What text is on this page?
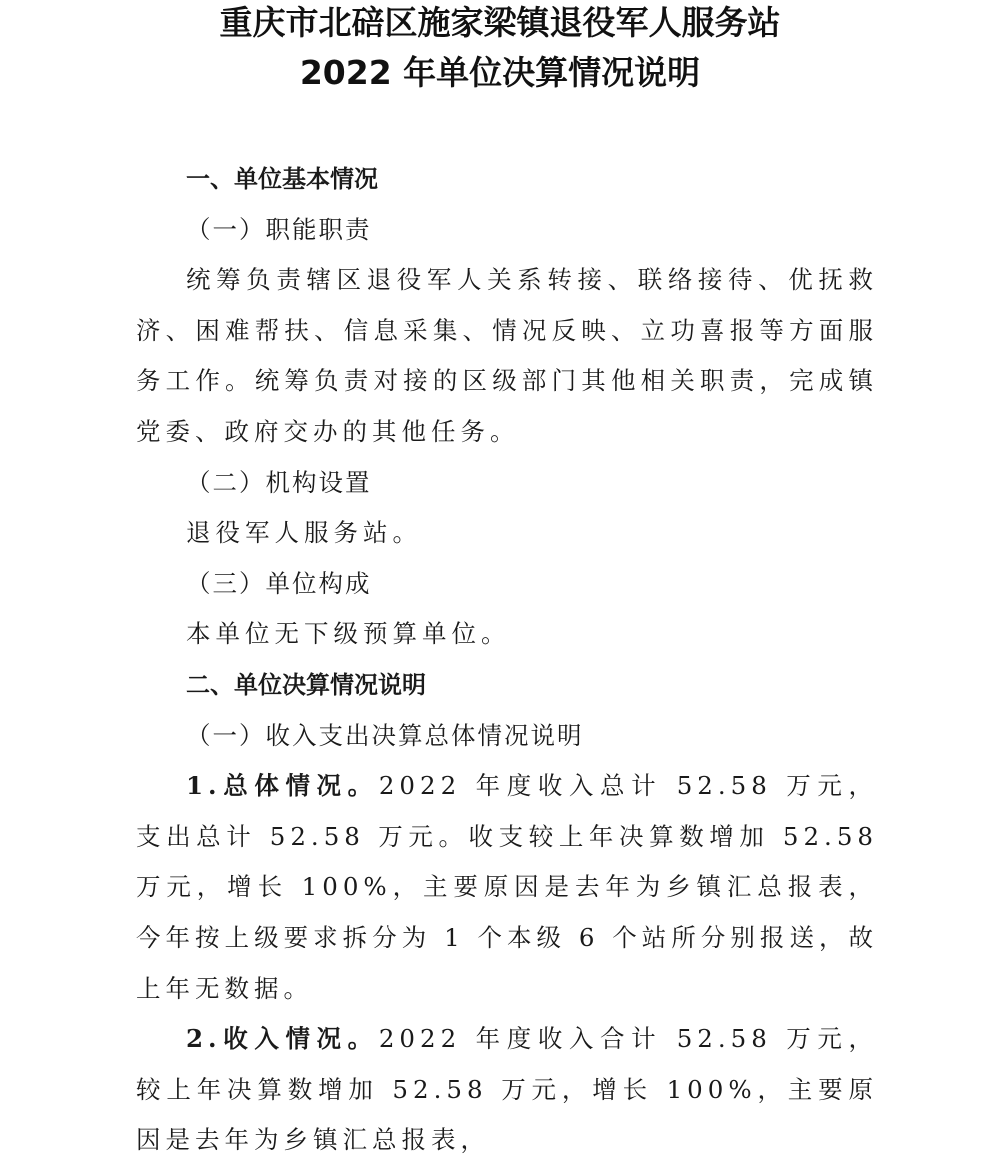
重庆市北碚区施家梁镇退役军人服务站
2022 年单位决算情况说明

一、单位基本情况

（一）职能职责

统筹负责辖区退役军人关系转接、联络接待、优抚救济、困难帮扶、信息采集、情况反映、立功喜报等方面服务工作。统筹负责对接的区级部门其他相关职责，完成镇党委、政府交办的其他任务。

（二）机构设置

退役军人服务站。

（三）单位构成

本单位无下级预算单位。

二、单位决算情况说明

（一）收入支出决算总体情况说明

1.总体情况。2022 年度收入总计 52.58 万元，支出总计 52.58 万元。收支较上年决算数增加 52.58 万元，增长 100%，主要原因是去年为乡镇汇总报表，今年按上级要求拆分为 1 个本级 6 个站所分别报送，故上年无数据。

2.收入情况。2022 年度收入合计 52.58 万元，较上年决算数增加 52.58 万元，增长 100%，主要原因是去年为乡镇汇总报表，
